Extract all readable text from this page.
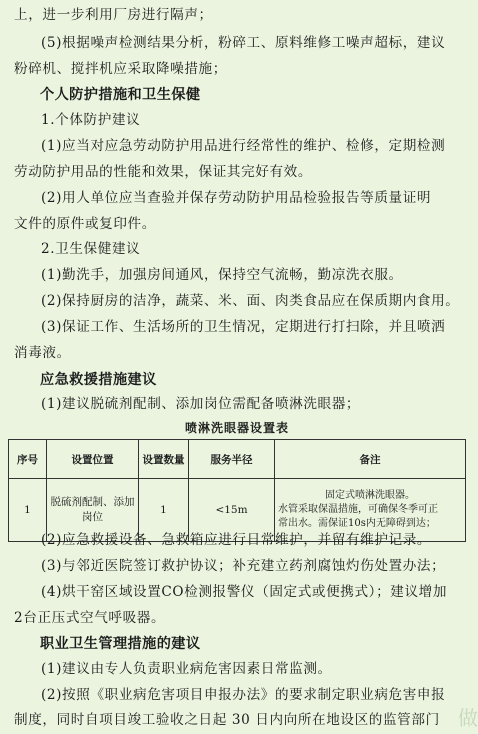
上，进一步利用厂房进行隔声；
(5)根据噪声检测结果分析，粉碎工、原料维修工噪声超标，建议
粉碎机、搅拌机应采取降噪措施；
个人防护措施和卫生保健
1.个体防护建议
(1)应当对应急劳动防护用品进行经常性的维护、检修，定期检测
劳动防护用品的性能和效果，保证其完好有效。
(2)用人单位应当查验并保存劳动防护用品检验报告等质量证明
文件的原件或复印件。
2.卫生保健建议
(1)勤洗手，加强房间通风，保持空气流畅，勤凉洗衣服。
(2)保持厨房的洁净，蔬菜、米、面、肉类食品应在保质期内食用。
(3)保证工作、生活场所的卫生情况，定期进行打扫除，并且喷洒
消毒液。
应急救援措施建议
(1)建议脱硫剂配制、添加岗位需配备喷淋洗眼器；
喷淋洗眼器设置表
序号	设置位置	设置数量	服务半径	备注
1	脱硫剂配制、添加岗位	1	<15m	固定式喷淋洗眼器。
水管采取保温措施，可确保冬季可正
常出水。需保证10s内无障碍到达；
(2)应急救援设备、急救箱应进行日常维护，并留有维护记录。
(3)与邻近医院签订救护协议；补充建立药剂腐蚀灼伤处置办法；
(4)烘干窑区域设置CO检测报警仪（固定式或便携式）；建议增加
2台正压式空气呼吸器。
职业卫生管理措施的建议
(1)建议由专人负责职业病危害因素日常监测。
(2)按照《职业病危害项目申报办法》的要求制定职业病危害申报
制度，同时自项目竣工验收之日起 30 日内向所在地设区的监管部门 做
